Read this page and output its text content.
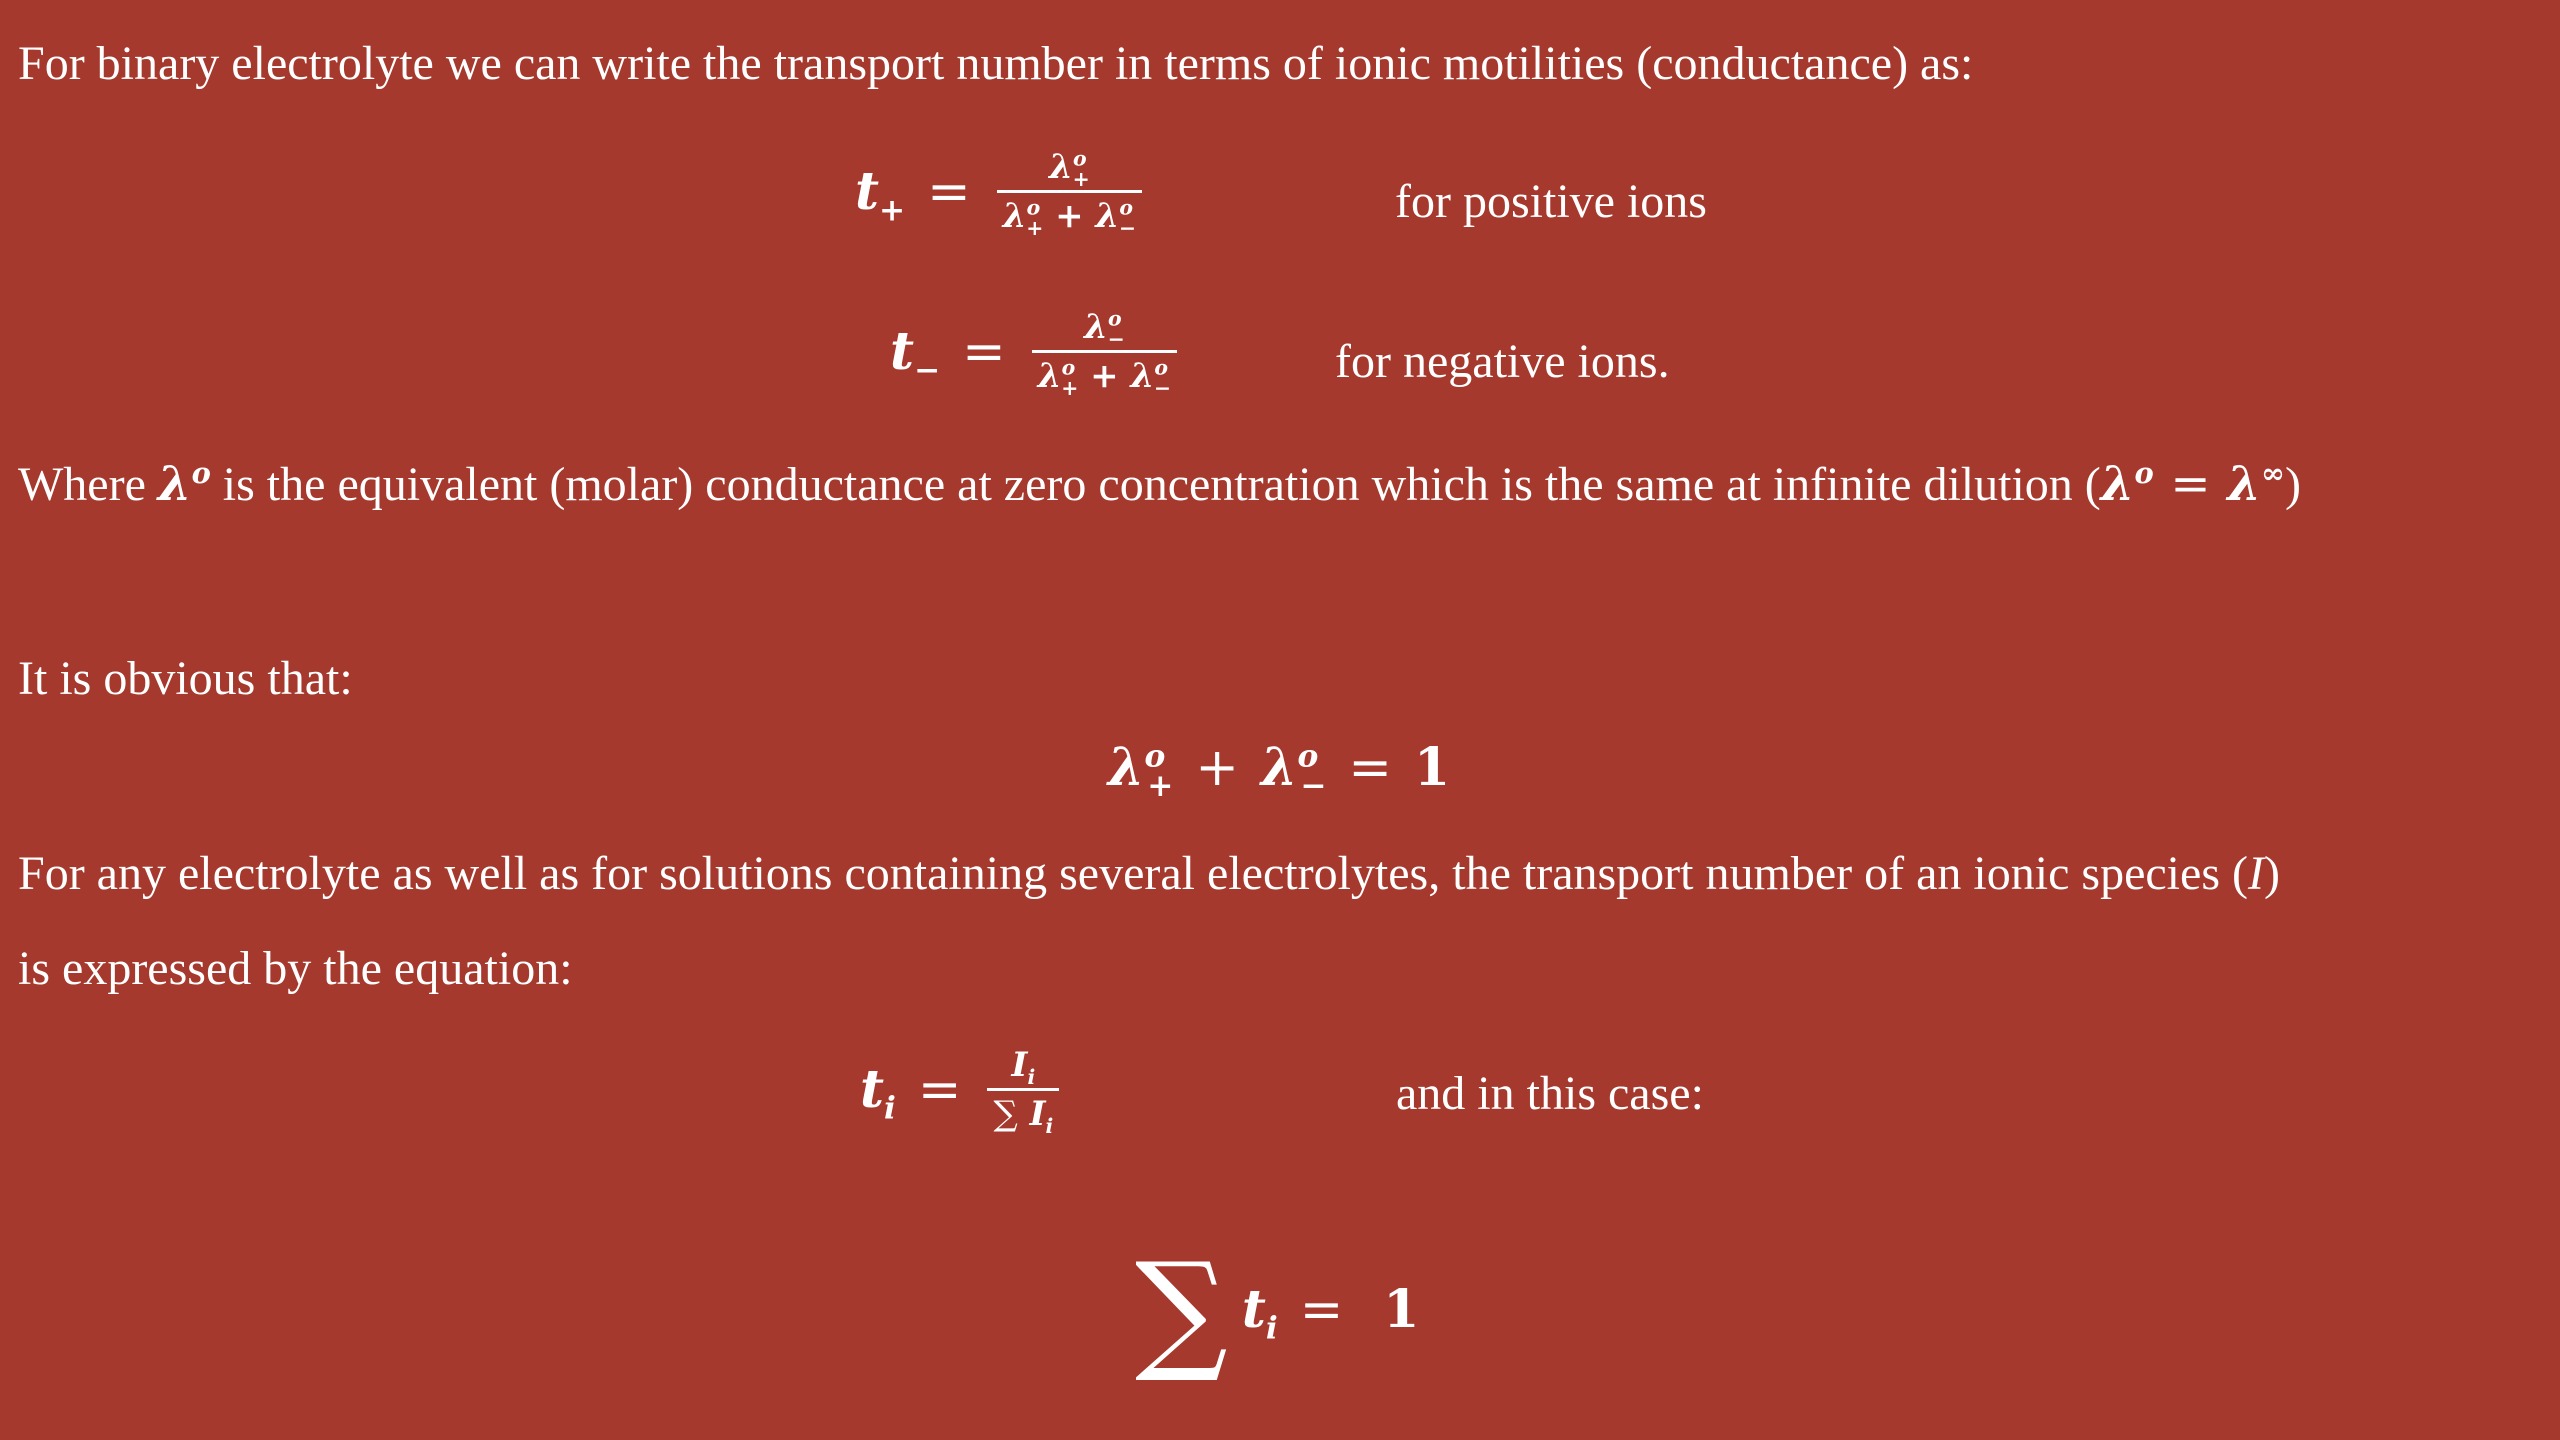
For binary electrolyte we can write the transport number in terms of ionic motilities (conductance) as:
$t_+ = \frac{\lambda^o_+}{\lambda^o_+ + \lambda^o_-}$	for positive ions
$t_- = \frac{\lambda^o_-}{\lambda^o_+ + \lambda^o_-}$	for negative ions.
Where $\lambda^o$ is the equivalent (molar) conductance at zero concentration which is the same at infinite dilution $(\lambda^o = \lambda^\infty)$
It is obvious that:
$\lambda^o_+ + \lambda^o_- = 1$
For any electrolyte as well as for solutions containing several electrolytes, the transport number of an ionic species (I)
is expressed by the equation:
$t_i = \frac{I_i}{\sum I_i}$	and in this case:
∑ $t_i = 1$
